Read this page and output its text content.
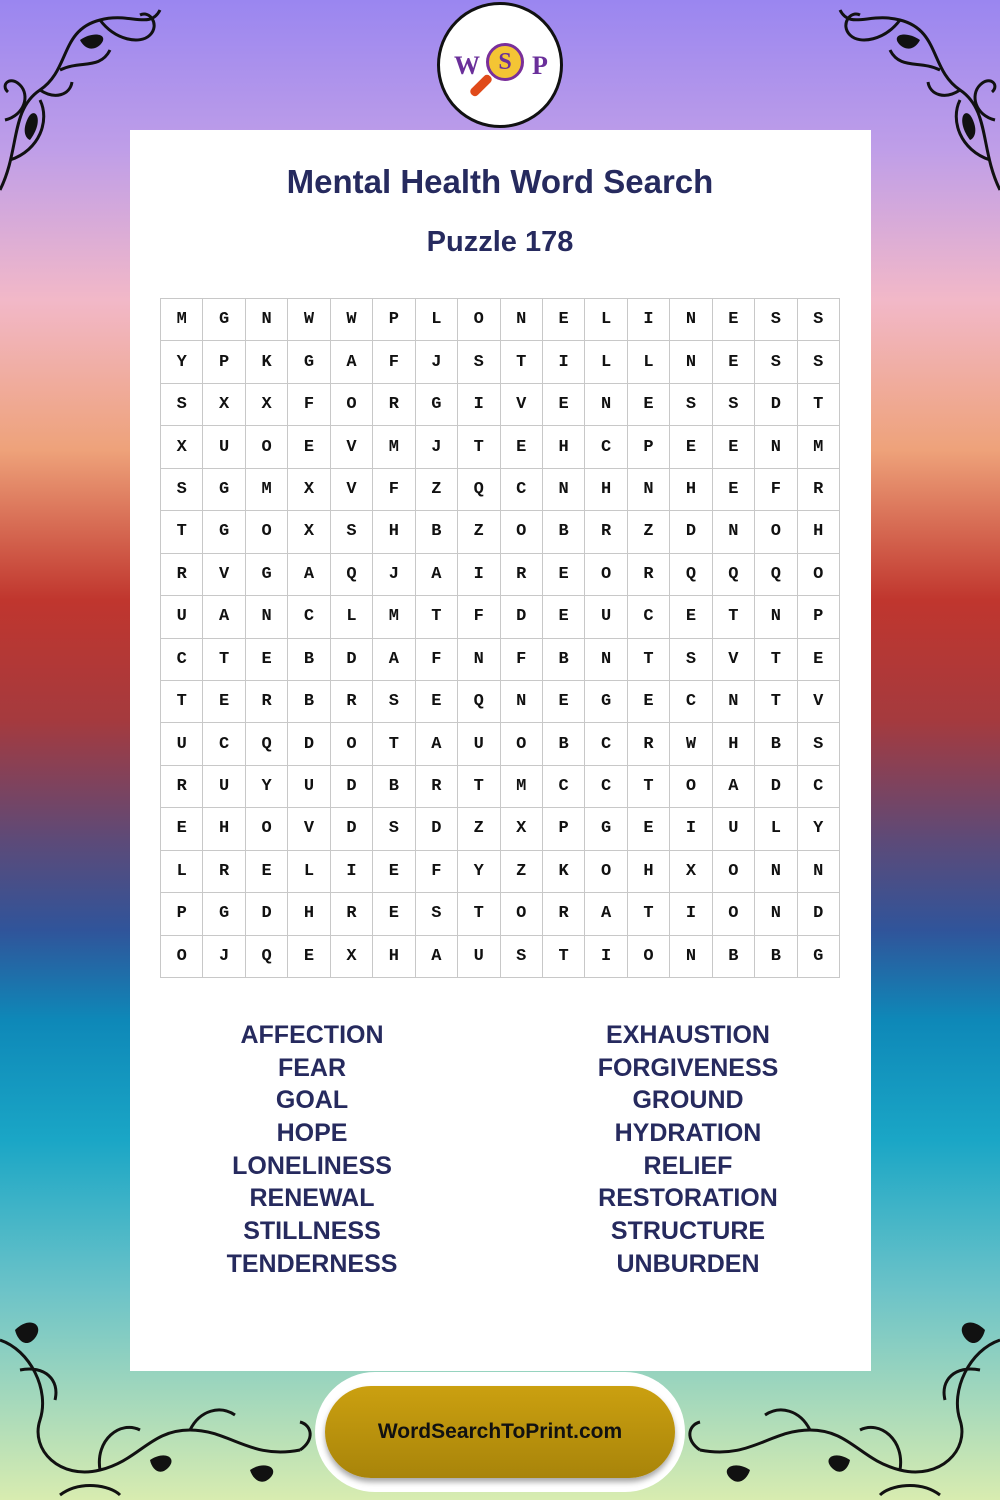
W S P
Mental Health Word Search
Puzzle 178
M	G	N	W	W	P	L	O	N	E	L	I	N	E	S	S
Y	P	K	G	A	F	J	S	T	I	L	L	N	E	S	S
S	X	X	F	O	R	G	I	V	E	N	E	S	S	D	T
X	U	O	E	V	M	J	T	E	H	C	P	E	E	N	M
S	G	M	X	V	F	Z	Q	C	N	H	N	H	E	F	R
T	G	O	X	S	H	B	Z	O	B	R	Z	D	N	O	H
R	V	G	A	Q	J	A	I	R	E	O	R	Q	Q	Q	O
U	A	N	C	L	M	T	F	D	E	U	C	E	T	N	P
C	T	E	B	D	A	F	N	F	B	N	T	S	V	T	E
T	E	R	B	R	S	E	Q	N	E	G	E	C	N	T	V
U	C	Q	D	O	T	A	U	O	B	C	R	W	H	B	S
R	U	Y	U	D	B	R	T	M	C	C	T	O	A	D	C
E	H	O	V	D	S	D	Z	X	P	G	E	I	U	L	Y
L	R	E	L	I	E	F	Y	Z	K	O	H	X	O	N	N
P	G	D	H	R	E	S	T	O	R	A	T	I	O	N	D
O	J	Q	E	X	H	A	U	S	T	I	O	N	B	B	G
AFFECTION
FEAR
GOAL
HOPE
LONELINESS
RENEWAL
STILLNESS
TENDERNESS
EXHAUSTION
FORGIVENESS
GROUND
HYDRATION
RELIEF
RESTORATION
STRUCTURE
UNBURDEN
WordSearchToPrint.com
